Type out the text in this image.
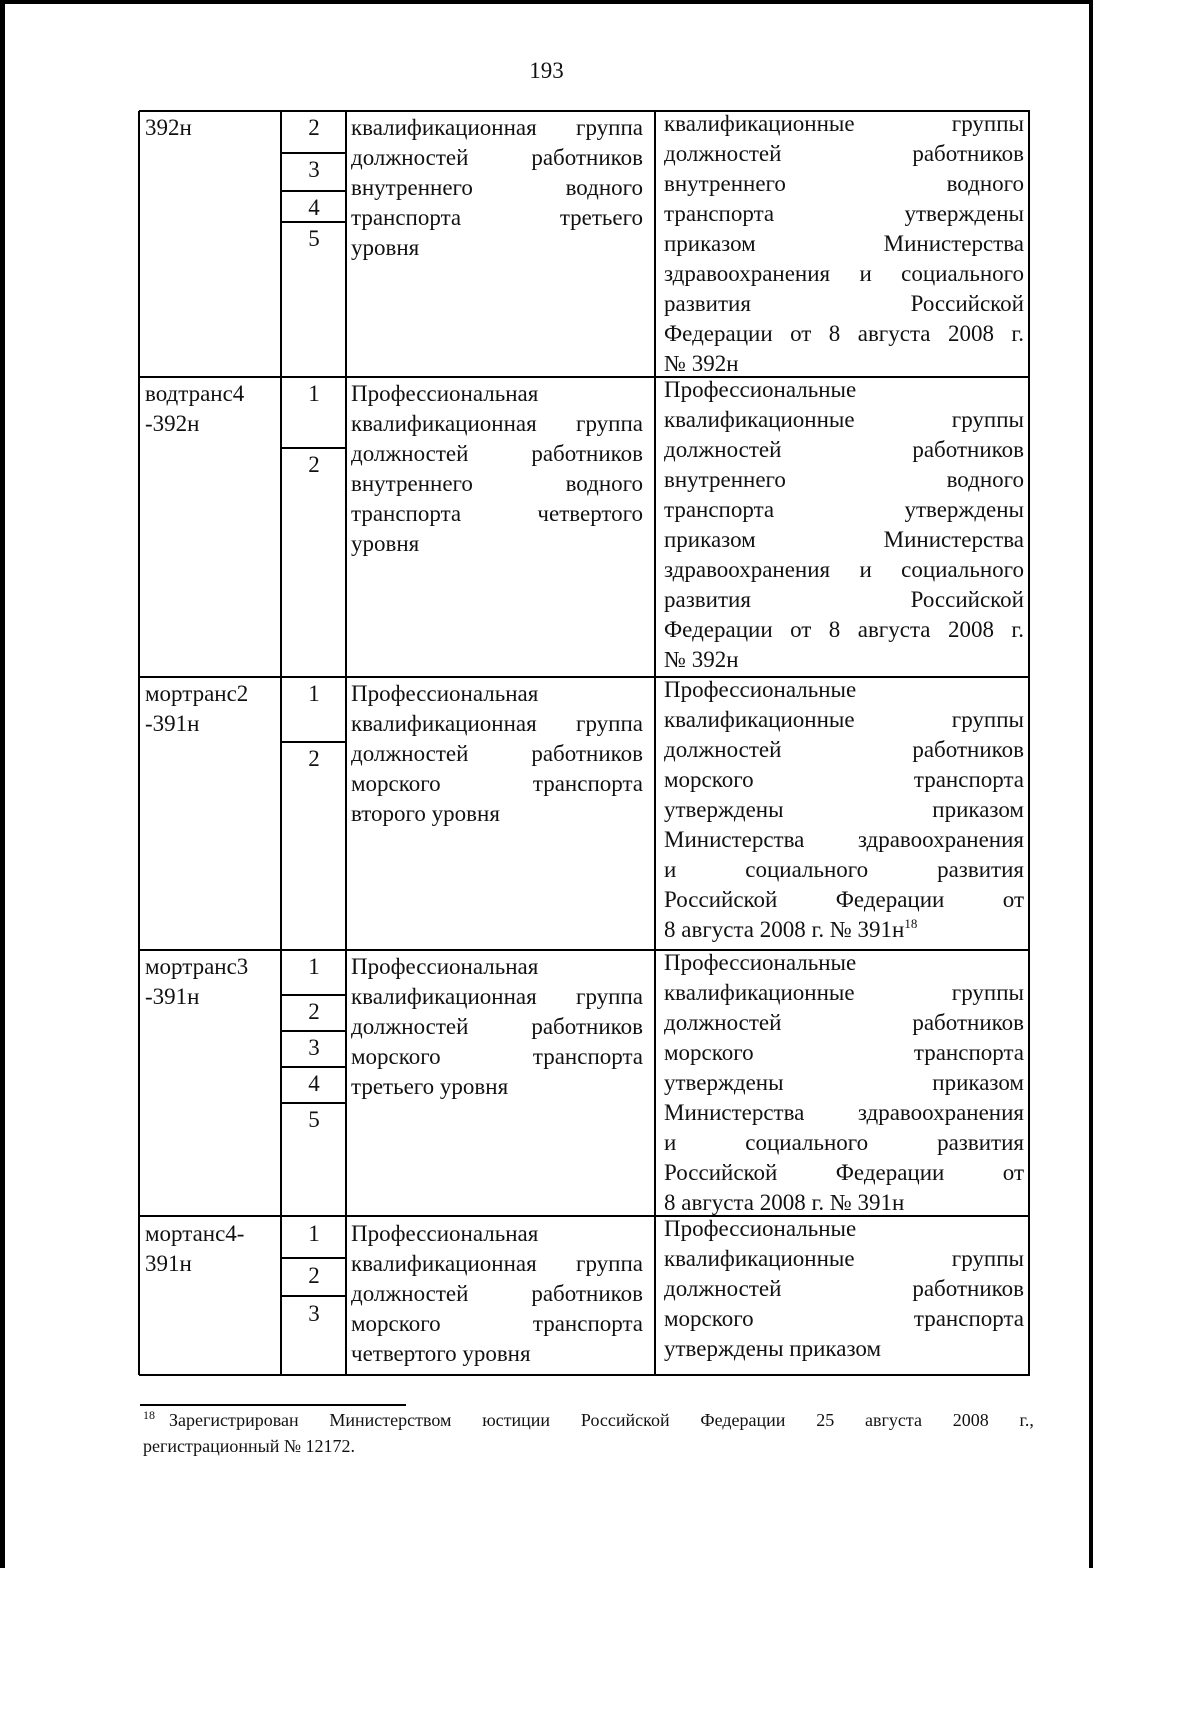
193
392н	2
3
4
5
квалификационная группа
должностей работников
внутреннего водного
транспорта третьего
уровня
квалификационные группы
должностей работников
внутреннего водного
транспорта утверждены
приказом Министерства
здравоохранения и социального
развития Российской
Федерации от 8 августа 2008 г.
№ 392н
водтранс4
-392н
1
2
Профессиональная
квалификационная группа
должностей работников
внутреннего водного
транспорта четвертого
уровня
Профессиональные
квалификационные группы
должностей работников
внутреннего водного
транспорта утверждены
приказом Министерства
здравоохранения и социального
развития Российской
Федерации от 8 августа 2008 г.
№ 392н
мортранс2
-391н
1
2
Профессиональная
квалификационная группа
должностей работников
морского транспорта
второго уровня
Профессиональные
квалификационные группы
должностей работников
морского транспорта
утверждены приказом
Министерства здравоохранения
и социального развития
Российской Федерации от
8 августа 2008 г. № $391н^{18}$
мортранс3
-391н
1
2
3
4
5
Профессиональная
квалификационная группа
должностей работников
морского транспорта
третьего уровня
Профессиональные
квалификационные группы
должностей работников
морского транспорта
утверждены приказом
Министерства здравоохранения
и социального развития
Российской Федерации от
8 августа 2008 г. № 391н
мортанс4-
391н
1
2
3
Профессиональная
квалификационная группа
должностей работников
морского транспорта
четвертого уровня
Профессиональные
квалификационные группы
должностей работников
морского транспорта
утверждены приказом
$^{18}$ Зарегистрирован Министерством юстиции Российской Федерации 25 августа 2008 г.,
регистрационный № 12172.
